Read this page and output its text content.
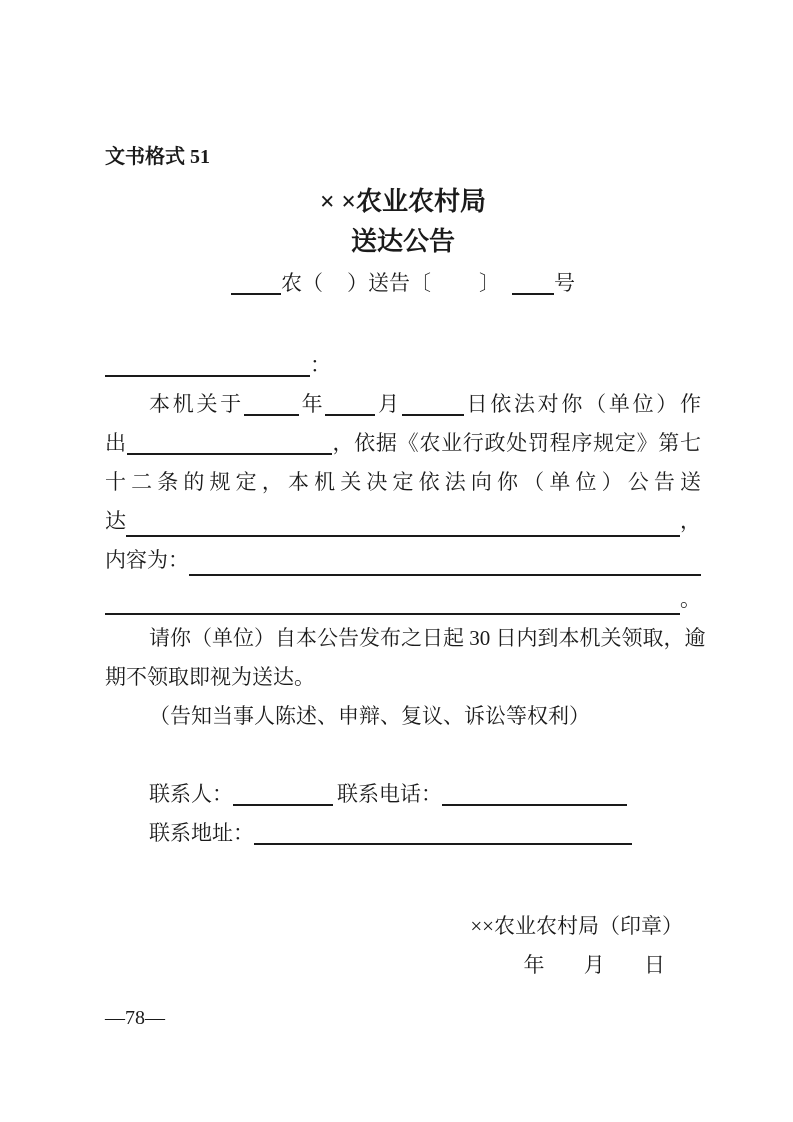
文书格式 51
× ×农业农村局
送达公告
农（ ）送告〔 〕	号
：
本机关于	年 月	日依法对你（单位）作
出	，依据《农业行政处罚程序规定》第七
十二条的规定，本机关决定依法向你（单位）公告送
达	，
内容为：
。
请你（单位）自本公告发布之日起 30 日内到本机关领取，逾
期不领取即视为送达。
（告知当事人陈述、申辩、复议、诉讼等权利）
联系人：	联系电话：
联系地址：
××农业农村局（印章）
年 月 日
—78—
